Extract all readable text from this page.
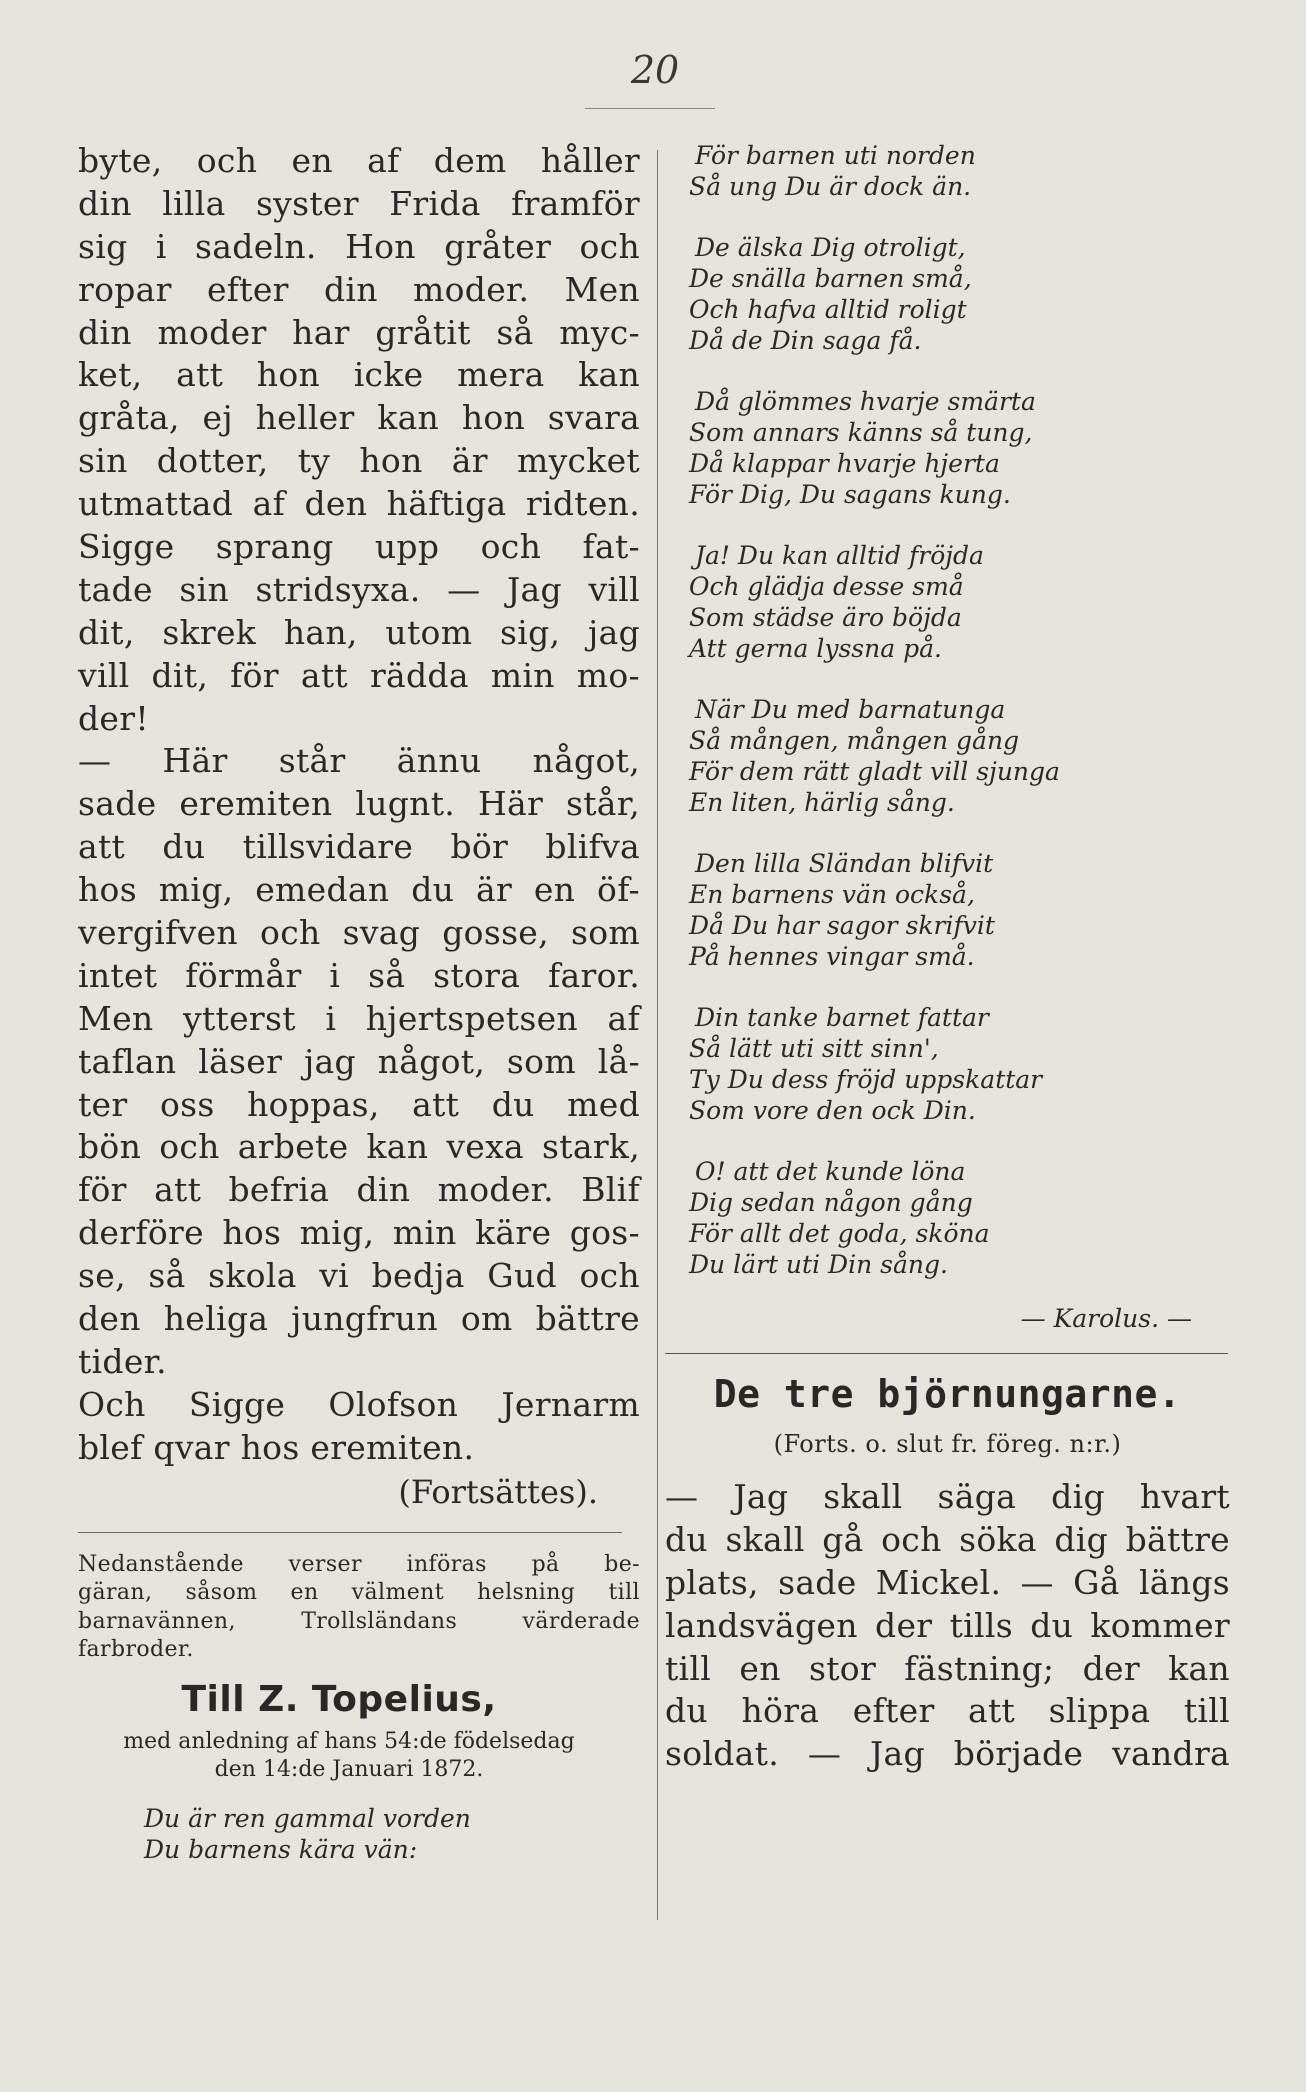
20
byte, och en af dem håller
din lilla syster Frida framför
sig i sadeln. Hon gråter och
ropar efter din moder. Men
din moder har gråtit så myc-
ket, att hon icke mera kan
gråta, ej heller kan hon svara
sin dotter, ty hon är mycket
utmattad af den häftiga ridten.
Sigge sprang upp och fat-
tade sin stridsyxa. — Jag vill
dit, skrek han, utom sig, jag
vill dit, för att rädda min mo-
der!
— Här står ännu något,
sade eremiten lugnt. Här står,
att du tillsvidare bör blifva
hos mig, emedan du är en öf-
vergifven och svag gosse, som
intet förmår i så stora faror.
Men ytterst i hjertspetsen af
taflan läser jag något, som lå-
ter oss hoppas, att du med
bön och arbete kan vexa stark,
för att befria din moder. Blif
derföre hos mig, min käre gos-
se, så skola vi bedja Gud och
den heliga jungfrun om bättre
tider.
Och Sigge Olofson Jernarm
blef qvar hos eremiten.
(Fortsättes).
Nedanstående verser införas på be-
gäran, såsom en välment helsning till
barnavännen, Trollsländans värderade
farbroder.
Till Z. Topelius,
med anledning af hans 54:de födelsedag
den 14:de Januari 1872.
Du är ren gammal vorden
Du barnens kära vän:
För barnen uti norden
Så ung Du är dock än.
De älska Dig otroligt,
De snälla barnen små,
Och hafva alltid roligt
Då de Din saga få.
Då glömmes hvarje smärta
Som annars känns så tung,
Då klappar hvarje hjerta
För Dig, Du sagans kung.
Ja! Du kan alltid fröjda
Och glädja desse små
Som städse äro böjda
Att gerna lyssna på.
När Du med barnatunga
Så mången, mången gång
För dem rätt gladt vill sjunga
En liten, härlig sång.
Den lilla Sländan blifvit
En barnens vän också,
Då Du har sagor skrifvit
På hennes vingar små.
Din tanke barnet fattar
Så lätt uti sitt sinn',
Ty Du dess fröjd uppskattar
Som vore den ock Din.
O! att det kunde löna
Dig sedan någon gång
För allt det goda, sköna
Du lärt uti Din sång.
— Karolus. —
De tre björnungarne.
(Forts. o. slut fr. föreg. n:r.)
— Jag skall säga dig hvart
du skall gå och söka dig bättre
plats, sade Mickel. — Gå längs
landsvägen der tills du kommer
till en stor fästning; der kan
du höra efter att slippa till
soldat. — Jag började vandra
